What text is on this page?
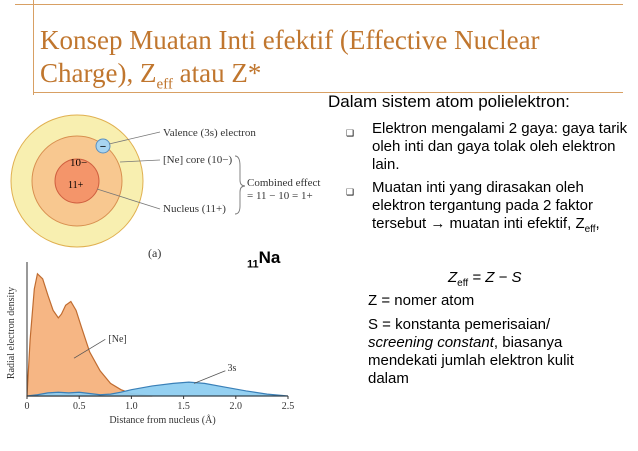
Konsep Muatan Inti efektif (Effective Nuclear
Charge), $Z_{eff}$ atau Z*
−
10−
11+
Valence (3s) electron
[Ne] core (10−)
Nucleus (11+)
Combined effect
= 11 − 10 = 1+
(a)
0	0.5	1.0	1.5	2.0	2.5
Distance from nucleus (Å)
Radial electron density	[Ne]
3s
$_{11}$Na
Dalam sistem atom polielektron:
❑ Elektron mengalami 2 gaya: gaya tarik oleh inti dan gaya tolak oleh elektron lain.
❑ Muatan inti yang dirasakan oleh elektron tergantung pada 2 faktor tersebut → muatan inti efektif, $Z_{eff}$,
$Z_{eff} = Z - S$
Z = nomer atom
S = konstanta pemerisaian/
screening constant, biasanya
mendekati jumlah elektron kulit
dalam
